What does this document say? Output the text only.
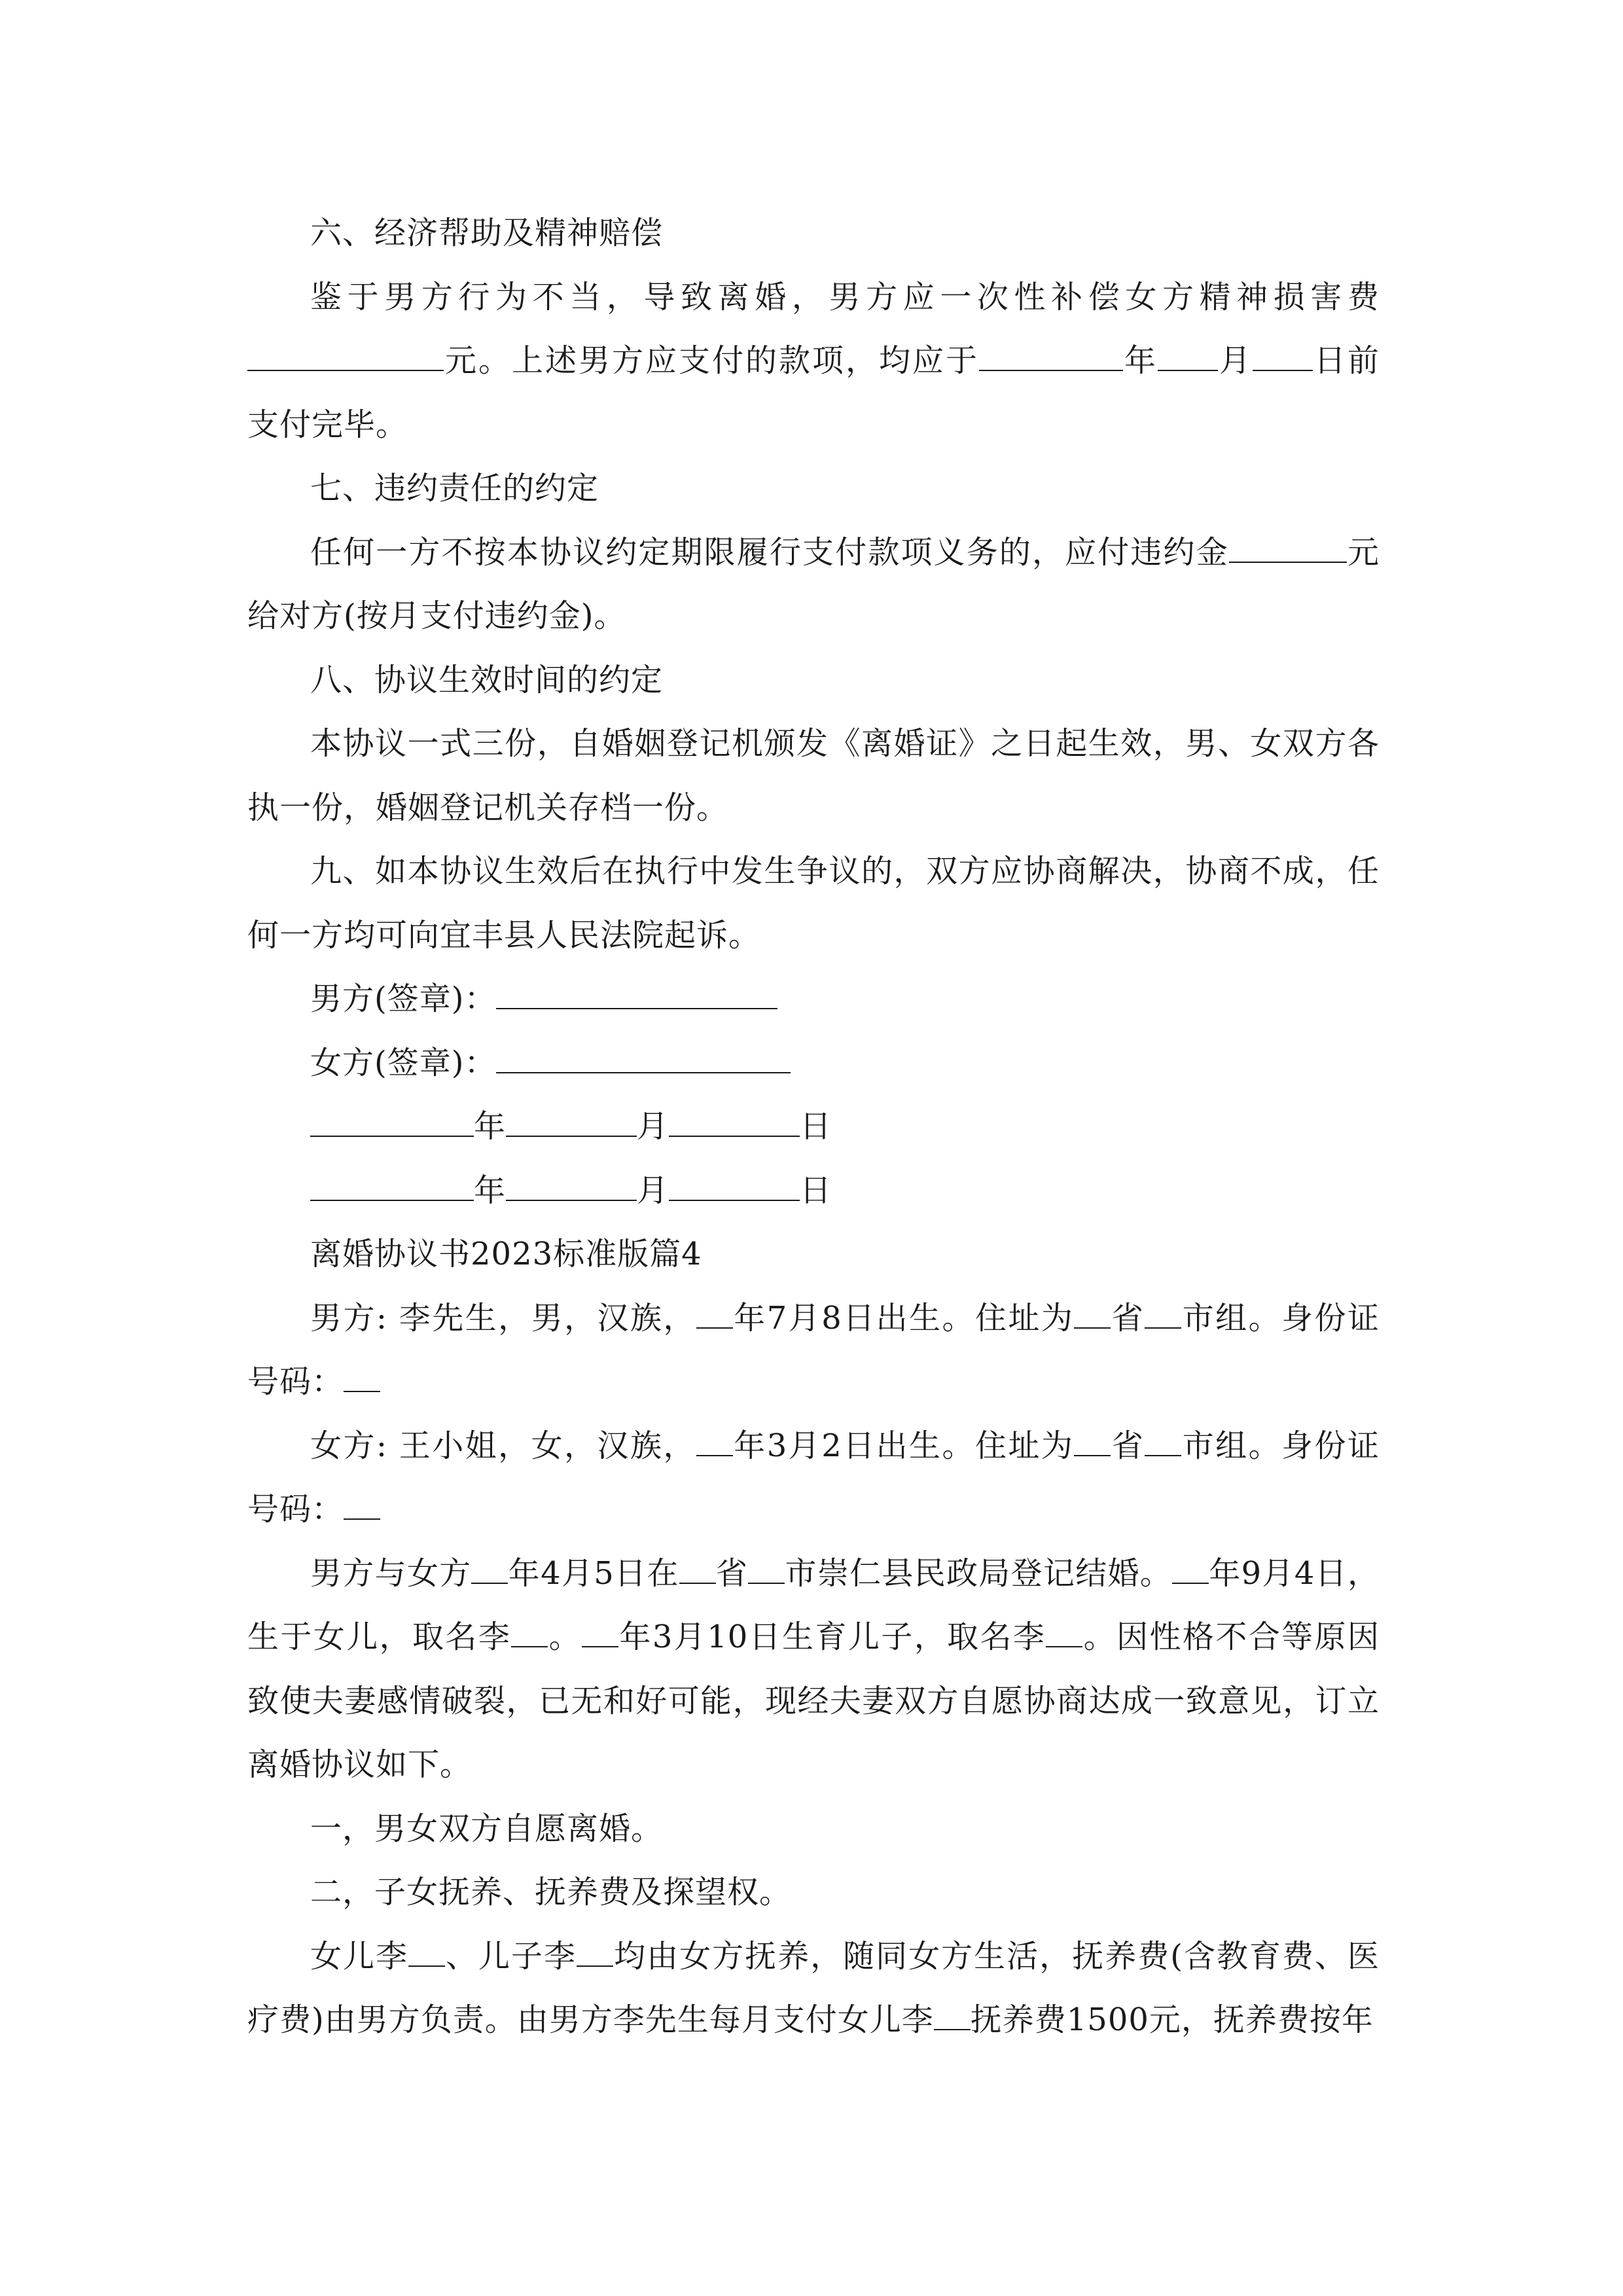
六、经济帮助及精神赔偿

鉴于男方行为不当，导致离婚，男方应一次性补偿女方精神损害费元。上述男方应支付的款项，均应于	年 月 日前支付完毕。

七、违约责任的约定

任何一方不按本协议约定期限履行支付款项义务的，应付违约金	元给对方(按月支付违约金)。

八、协议生效时间的约定

本协议一式三份，自婚姻登记机颁发《离婚证》之日起生效，男、女双方各执一份，婚姻登记机关存档一份。

九、如本协议生效后在执行中发生争议的，双方应协商解决，协商不成，任何一方均可向宜丰县人民法院起诉。

男方(签章)：

女方(签章)：

年	月	日

年	月	日

离婚协议书2023标准版篇4

男方: 李先生，男，汉族， 年7月8日出生。住址为 省 市组。身份证号码：

女方: 王小姐，女，汉族， 年3月2日出生。住址为 省 市组。身份证号码：

男方与女方 年4月5日在 省 市崇仁县民政局登记结婚。 年9月4日，生于女儿，取名李 。 年3月10日生育儿子，取名李 。因性格不合等原因致使夫妻感情破裂，已无和好可能，现经夫妻双方自愿协商达成一致意见，订立离婚协议如下。

一，男女双方自愿离婚。

二，子女抚养、抚养费及探望权。

女儿李 、儿子李 均由女方抚养，随同女方生活，抚养费(含教育费、医疗费)由男方负责。由男方李先生每月支付女儿李 抚养费1500元，抚养费按年
